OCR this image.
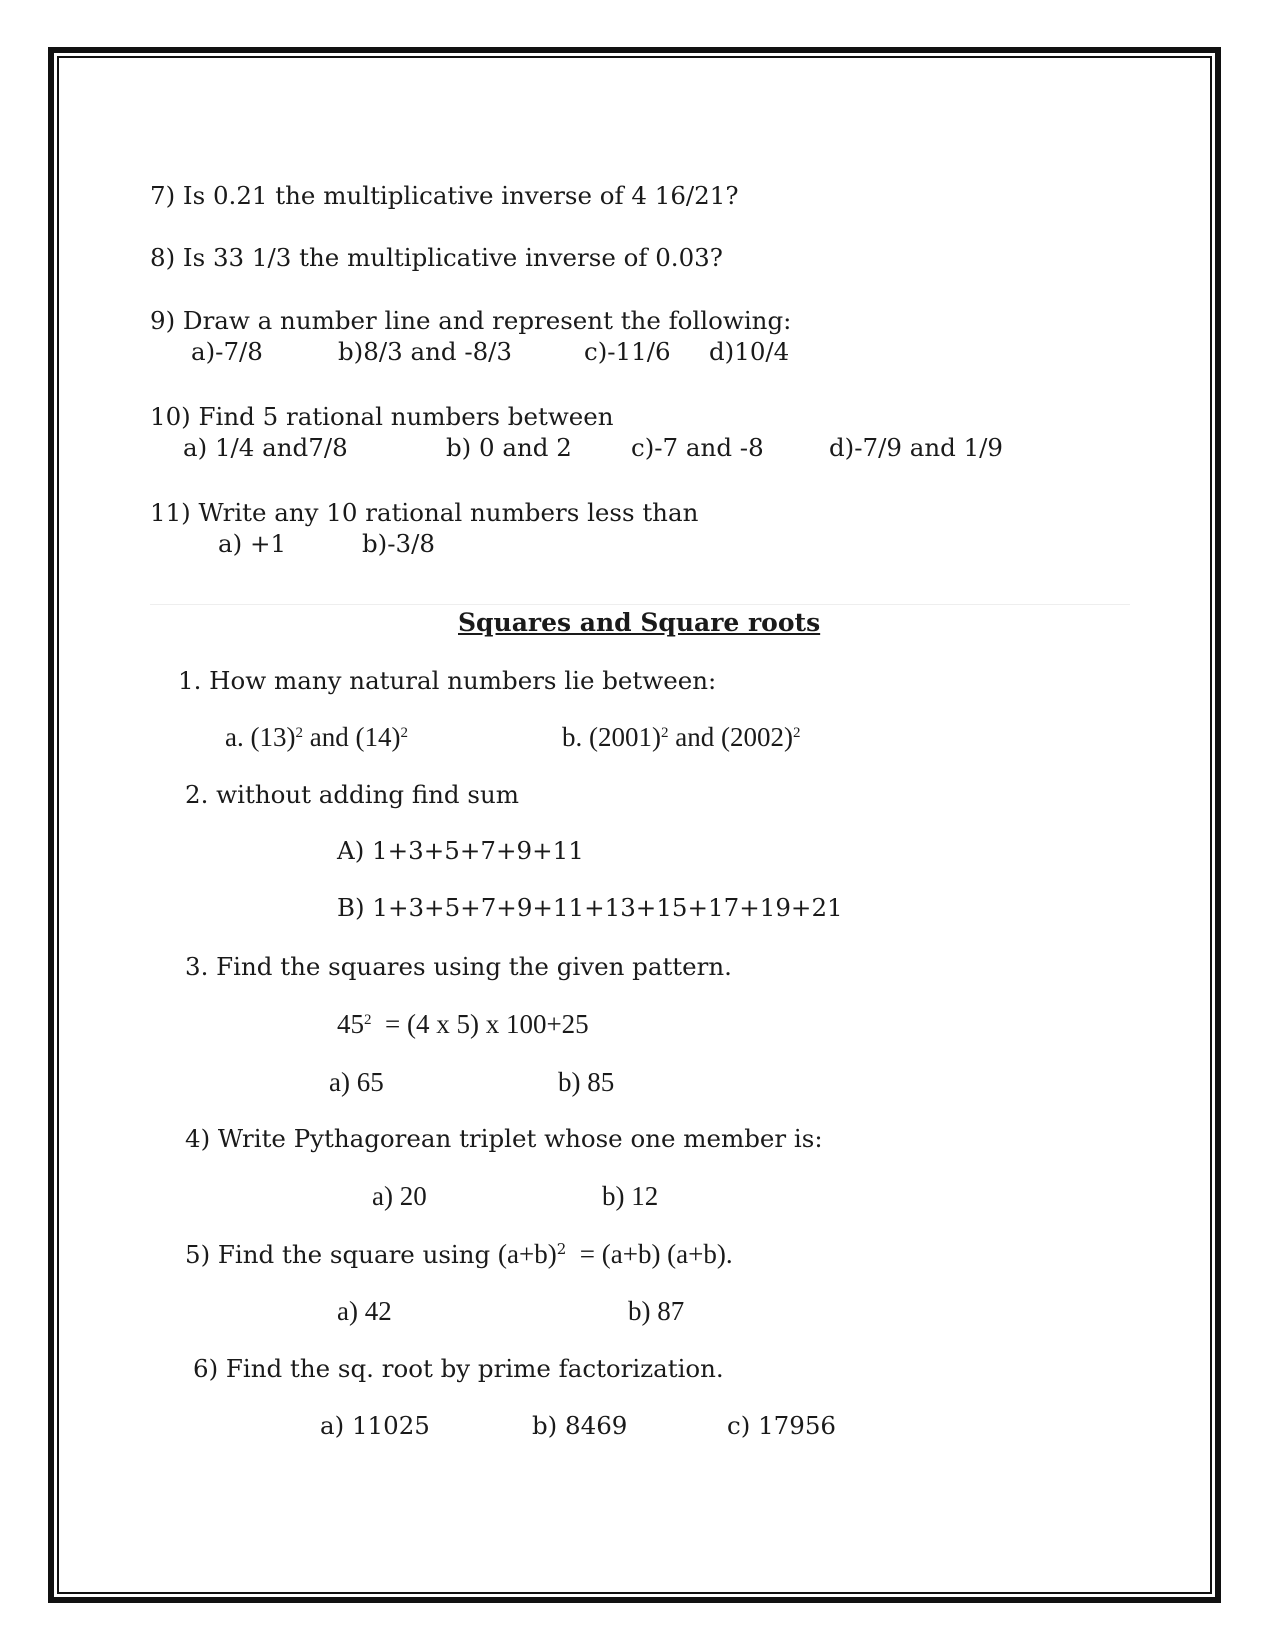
7) Is 0.21 the multiplicative inverse of 4 16/21?
8) Is 33 1/3 the multiplicative inverse of 0.03?
9) Draw a number line and represent the following:
a)-7/8	b)8/3 and -8/3	c)-11/6 d)10/4
10) Find 5 rational numbers between
a) 1/4 and7/8	b) 0 and 2 c)-7 and -8	d)-7/9 and 1/9
11) Write any 10 rational numbers less than
a) +1	b)-3/8
Squares and Square roots
1. How many natural numbers lie between:
a. $(13)^2$ and $(14)^2$	b. $(2001)^2$ and $(2002)^2$
2. without adding find sum
A) 1+3+5+7+9+11
B) 1+3+5+7+9+11+13+15+17+19+21
3. Find the squares using the given pattern.
$45^2 = (4$ x 5) x 100+25
a) 65	b) 85
4) Write Pythagorean triplet whose one member is:
a) 20	b) 12
5) Find the square using $(a+b)^2 = (a+b)$ (a+b).
a) 42	b) 87
6) Find the sq. root by prime factorization.
a) 11025	b) 8469	c) 17956
